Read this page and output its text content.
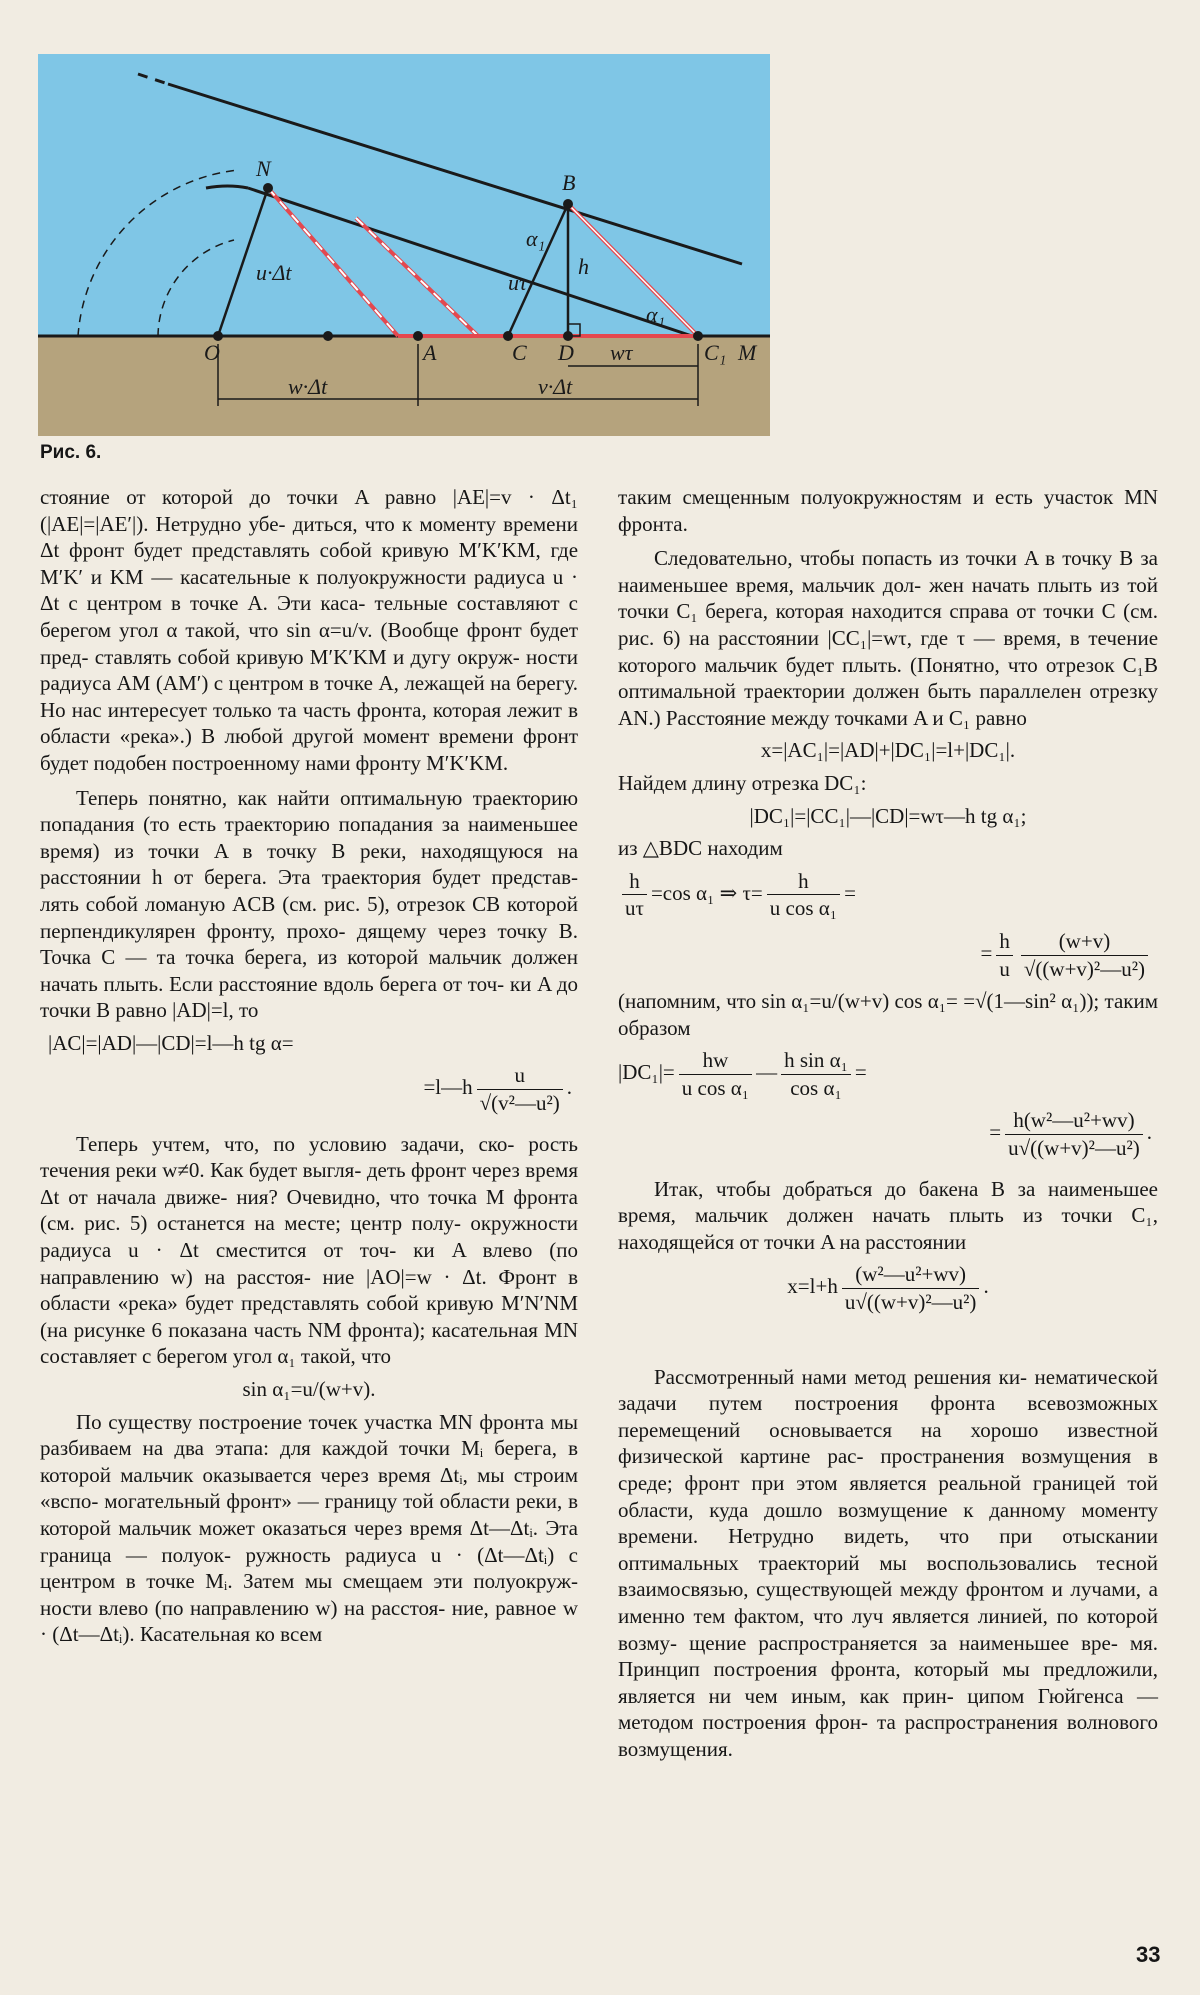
N
B
O	A	C D	C₁ M
u·Δt	uτ
h
α₁
α₁
wτ
w·Δt	v·Δt
Рис. 6.

стояние от которой до точки A равно |AE|=v · Δt₁ (|AE|=|AE′|). Нетрудно убе- диться, что к моменту времени Δt фронт будет представлять собой кривую M′K′KM, где M′K′ и KM — касательные к полуокружности радиуса u · Δt с центром в точке A. Эти каса- тельные составляют с берегом угол α такой, что sin α=u/v. (Вообще фронт будет пред- ставлять собой кривую M′K′KM и дугу окруж- ности радиуса AM (AM′) с центром в точке A, лежащей на берегу. Но нас интересует только та часть фронта, которая лежит в области «река».) В любой другой момент времени фронт будет подобен построенному нами фронту M′K′KM.

Теперь понятно, как найти оптимальную траекторию попадания (то есть траекторию попадания за наименьшее время) из точки A в точку B реки, находящуюся на расстоянии h от берега. Эта траектория будет представ- лять собой ломаную ACB (см. рис. 5), отрезок CB которой перпендикулярен фронту, прохо- дящему через точку B. Точка C — та точка берега, из которой мальчик должен начать плыть. Если расстояние вдоль берега от точ- ки A до точки B равно |AD|=l, то

|AC|=|AD|—|CD|=l—h tg α=
=l—h $\frac{u}{\text{√(v²—u²)}}$ .

Теперь учтем, что, по условию задачи, ско- рость течения реки w≠0. Как будет выгля- деть фронт через время Δt от начала движе- ния? Очевидно, что точка M фронта (см. рис. 5) останется на месте; центр полу- окружности радиуса u · Δt сместится от точ- ки A влево (по направлению w) на расстоя- ние |AO|=w · Δt. Фронт в области «река» будет представлять собой кривую M′N′NM (на рисунке 6 показана часть NM фронта); касательная MN составляет с берегом угол α₁ такой, что

sin α₁=u/(w+v).

По существу построение точек участка MN фронта мы разбиваем на два этапа: для каждой точки Mᵢ берега, в которой мальчик оказывается через время Δtᵢ, мы строим «вспо- могательный фронт» — границу той области реки, в которой мальчик может оказаться через время Δt—Δtᵢ. Эта граница — полуок- ружность радиуса u · (Δt—Δtᵢ) с центром в точке Mᵢ. Затем мы смещаем эти полуокруж- ности влево (по направлению w) на расстоя- ние, равное w · (Δt—Δtᵢ). Касательная ко всем

таким смещенным полуокружностям и есть участок MN фронта.

Следовательно, чтобы попасть из точки A в точку B за наименьшее время, мальчик дол- жен начать плыть из той точки C₁ берега, которая находится справа от точки C (см. рис. 6) на расстоянии |CC₁|=wτ, где τ — время, в течение которого мальчик будет плыть. (Понятно, что отрезок C₁B оптимальной траектории должен быть параллелен отрезку AN.) Расстояние между точками A и C₁ равно

x=|AC₁|=|AD|+|DC₁|=l+|DC₁|.

Найдем длину отрезка DC₁:

|DC₁|=|CC₁|—|CD|=wτ—h tg α₁;

из △BDC находим

$\frac{h}{u\tau} =\cos$ α₁ ⇒ $\tau= \frac{h}{\text{u cos α₁}}$ =
= $\frac{h}{u} \frac{(w+v)}{\text{√((w+v)²—u²)}}$

(напомним, что sin α₁=u/(w+v) cos α₁= =√(1—sin² α₁)); таким образом

$|DC_1|= \frac{hw}{\text{u cos α₁}}$ — $\frac{\text{h sin α₁}}{\text{cos α₁}}$ =
= $\frac{\text{h(w²—u²+wv)}}{\text{u√((w+v)²—u²)}}$ .

Итак, чтобы добраться до бакена B за наименьшее время, мальчик должен начать плыть из точки C₁, находящейся от точки A на расстоянии

$x=l+h \frac{\text{(w²—u²+wv)}}{\text{u√((w+v)²—u²)}}$ .

Рассмотренный нами метод решения ки- нематической задачи путем построения фронта всевозможных перемещений основывается на хорошо известной физической картине рас- пространения возмущения в среде; фронт при этом является реальной границей той области, куда дошло возмущение к данному моменту времени. Нетрудно видеть, что при отыскании оптимальных траекторий мы воспользовались тесной взаимосвязью, существующей между фронтом и лучами, а именно тем фактом, что луч является линией, по которой возму- щение распространяется за наименьшее вре- мя. Принцип построения фронта, который мы предложили, является ни чем иным, как прин- ципом Гюйгенса — методом построения фрон- та распространения волнового возмущения.

33
